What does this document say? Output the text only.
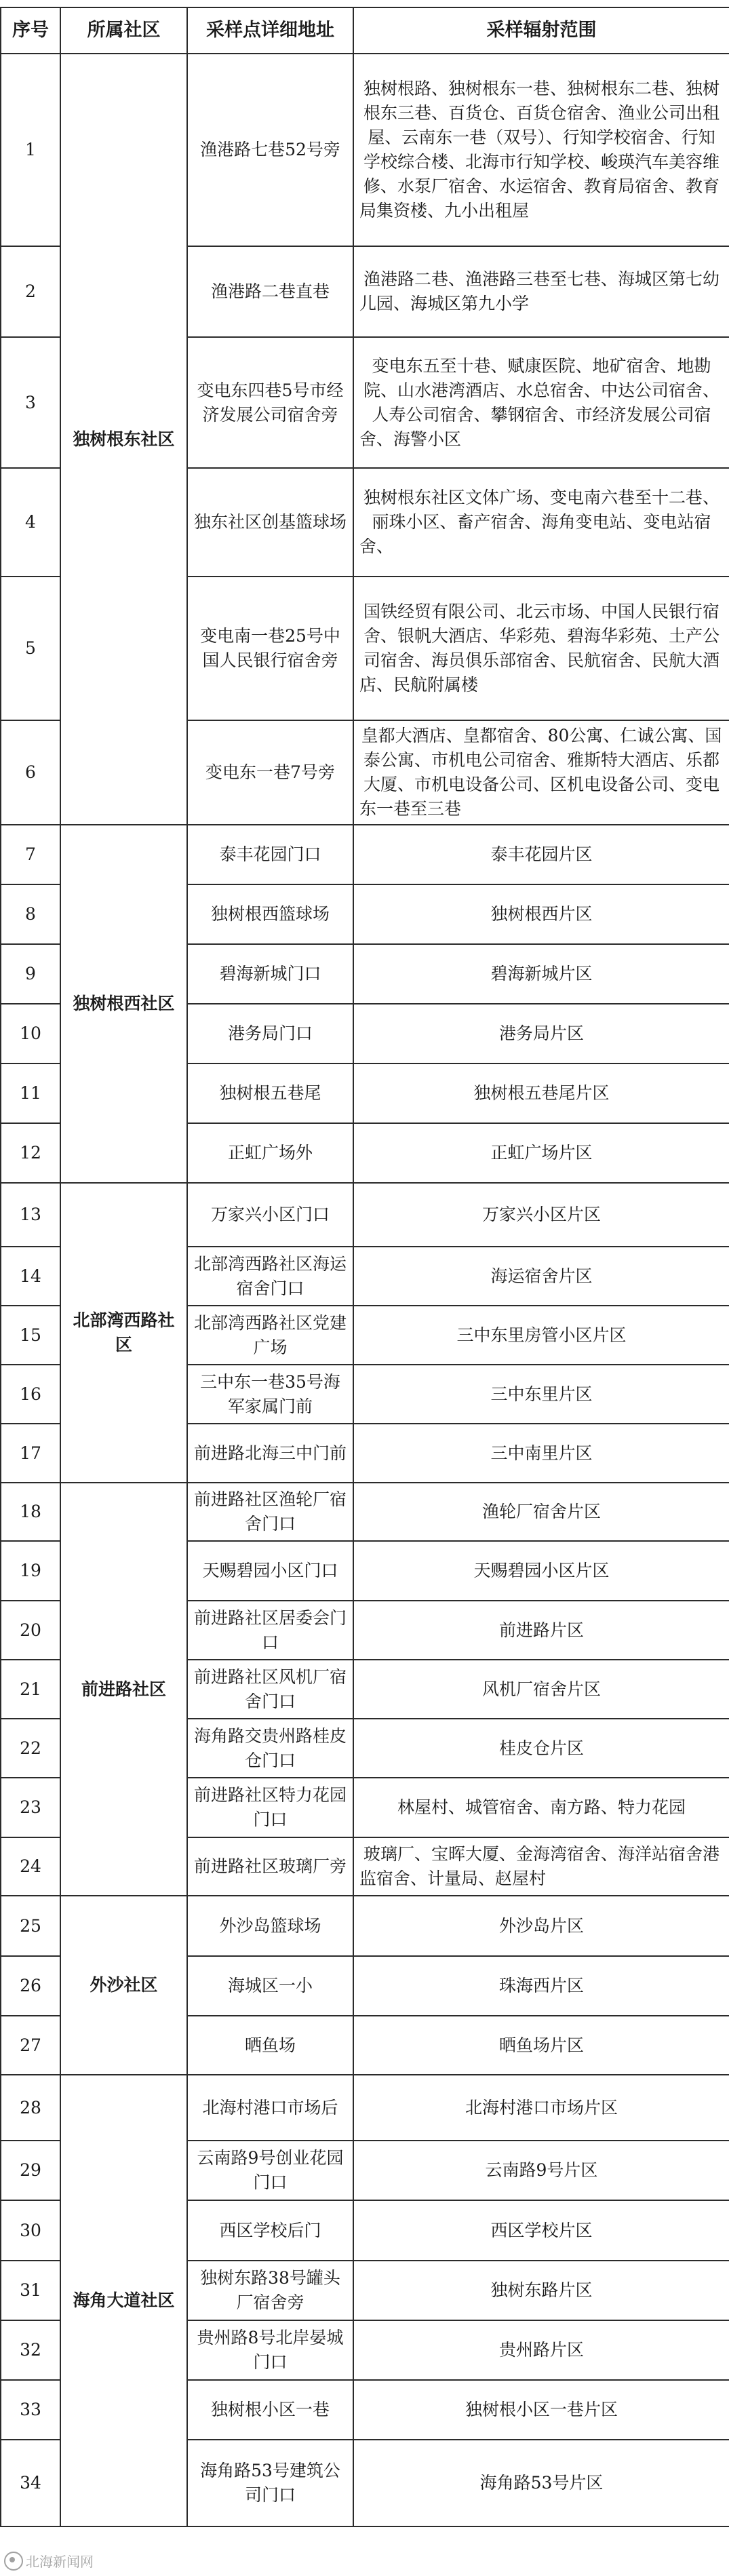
序号	所属社区	采样点详细地址	采样辐射范围
1	独树根东社区	渔港路七巷52号旁	独树根路、独树根东一巷、独树根东二巷、独树根东三巷、百货仓、百货仓宿舍、渔业公司出租屋、云南东一巷（双号）、行知学校宿舍、行知学校综合楼、北海市行知学校、峻瑛汽车美容维修、水泵厂宿舍、水运宿舍、教育局宿舍、教育局集资楼、九小出租屋
2		渔港路二巷直巷	渔港路二巷、渔港路三巷至七巷、海城区第七幼儿园、海城区第九小学
3		变电东四巷5号市经济发展公司宿舍旁	变电东五至十巷、赋康医院、地矿宿舍、地勘院、山水港湾酒店、水总宿舍、中达公司宿舍、人寿公司宿舍、攀钢宿舍、市经济发展公司宿舍、海警小区
4		独东社区创基篮球场	独树根东社区文体广场、变电南六巷至十二巷、丽珠小区、畜产宿舍、海角变电站、变电站宿舍、
5		变电南一巷25号中国人民银行宿舍旁	国铁经贸有限公司、北云市场、中国人民银行宿舍、银帆大酒店、华彩苑、碧海华彩苑、土产公司宿舍、海员俱乐部宿舍、民航宿舍、民航大酒店、民航附属楼
6		变电东一巷7号旁	皇都大酒店、皇都宿舍、80公寓、仁诚公寓、国泰公寓、市机电公司宿舍、雅斯特大酒店、乐都大厦、市机电设备公司、区机电设备公司、变电东一巷至三巷
7	独树根西社区	泰丰花园门口	泰丰花园片区
8		独树根西篮球场	独树根西片区
9		碧海新城门口	碧海新城片区
10		港务局门口	港务局片区
11		独树根五巷尾	独树根五巷尾片区
12		正虹广场外	正虹广场片区
13	北部湾西路社区	万家兴小区门口	万家兴小区片区
14		北部湾西路社区海运宿舍门口	海运宿舍片区
15		北部湾西路社区党建广场	三中东里房管小区片区
16		三中东一巷35号海军家属门前	三中东里片区
17		前进路北海三中门前	三中南里片区
18	前进路社区	前进路社区渔轮厂宿舍门口	渔轮厂宿舍片区
19		天赐碧园小区门口	天赐碧园小区片区
20		前进路社区居委会门口	前进路片区
21		前进路社区风机厂宿舍门口	风机厂宿舍片区
22		海角路交贵州路桂皮仓门口	桂皮仓片区
23		前进路社区特力花园门口	林屋村、城管宿舍、南方路、特力花园
24		前进路社区玻璃厂旁	玻璃厂、宝晖大厦、金海湾宿舍、海洋站宿舍港监宿舍、计量局、赵屋村
25	外沙社区	外沙岛篮球场	外沙岛片区
26		海城区一小	珠海西片区
27		晒鱼场	晒鱼场片区
28	海角大道社区	北海村港口市场后	北海村港口市场片区
29		云南路9号创业花园门口	云南路9号片区
30		西区学校后门	西区学校片区
31		独树东路38号罐头厂宿舍旁	独树东路片区
32		贵州路8号北岸晏城门口	贵州路片区
33		独树根小区一巷	独树根小区一巷片区
34		海角路53号建筑公司门口	海角路53号片区
北海新闻网
